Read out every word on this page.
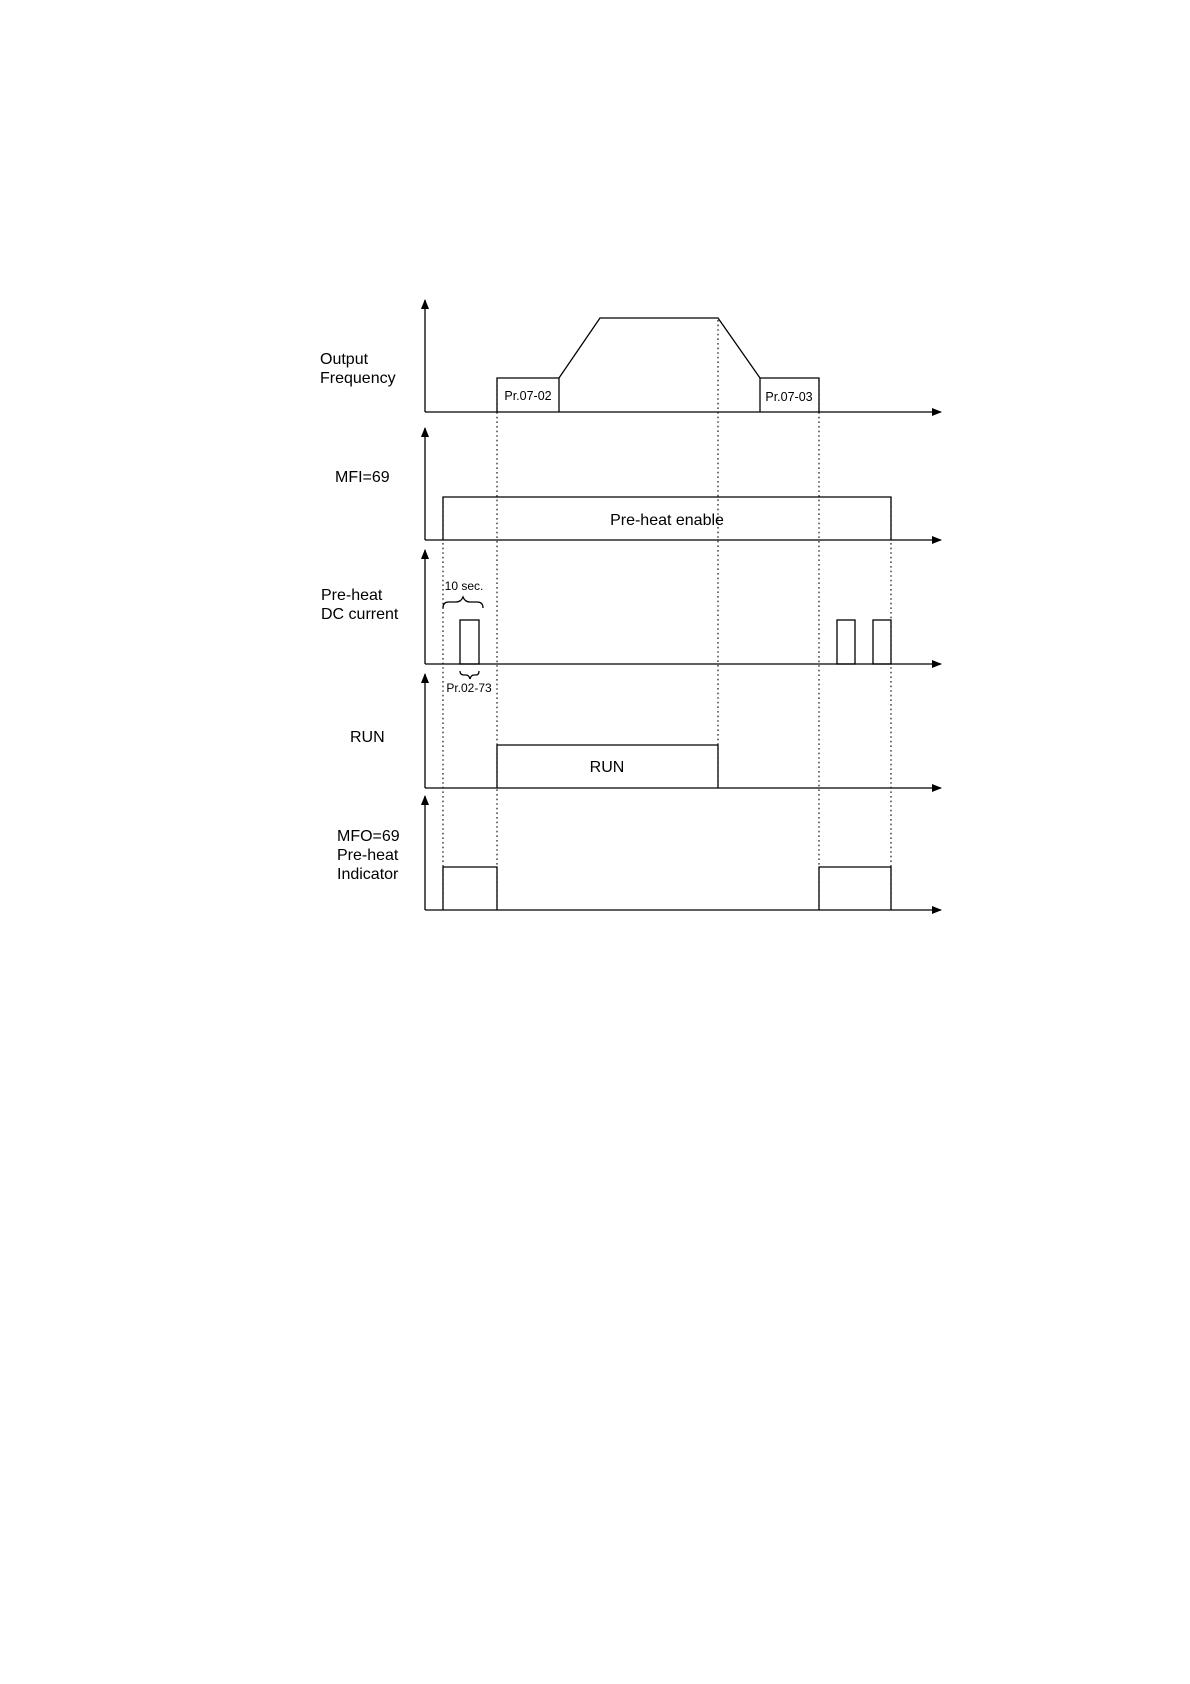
Output Frequency
Pr.07-02	Pr.07-03
MFI=69
Pre-heat enable
Pre-heat DC current
10 sec.
Pr.02-73
RUN
RUN
MFO=69 Pre-heat Indicator
